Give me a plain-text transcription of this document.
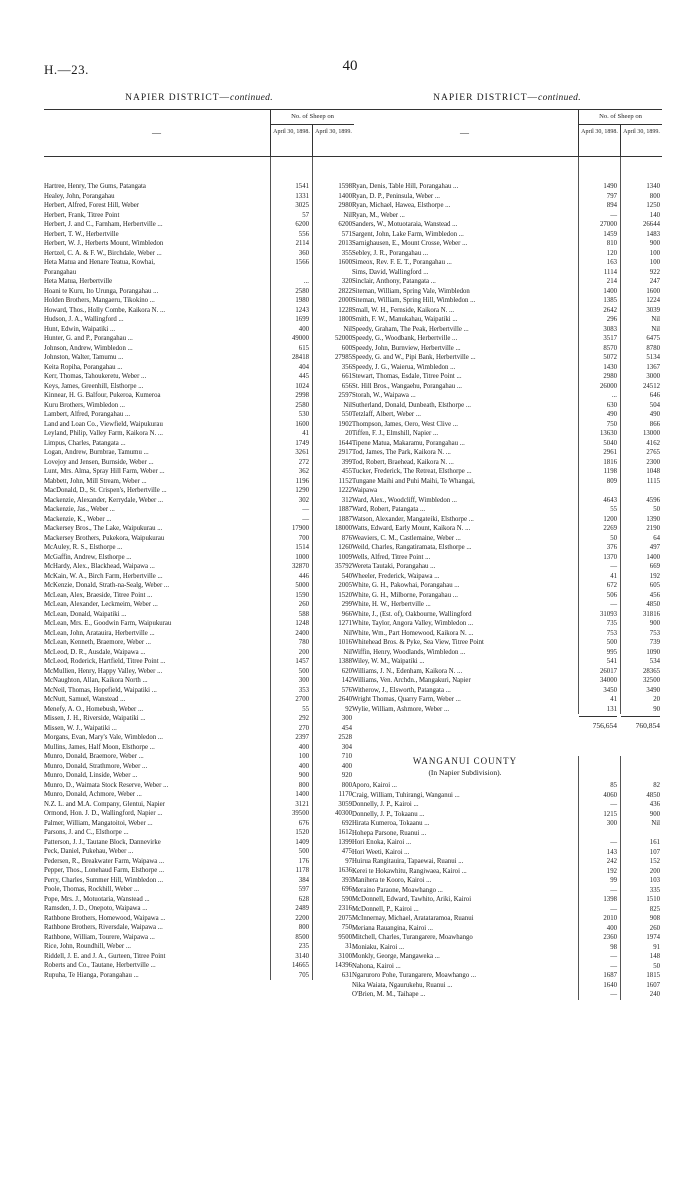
H.—23.	40
NAPIER DISTRICT—continued.
—
No. of Sheep on
April 30, 1898. April 30, 1899.
Hartree, Henry, The Gums, Patangata	1541	1598
Healey, John, Porangahau	1331	1400
Herbert, Alfred, Forest Hill, Weber	3025	2980
Herbert, Frank, Titree Point	57	Nil
Herbert, J. and C., Farnham, Herbertville ...	6200	6200
Herbert, T. W., Herbertville	556	571
Herbert, W. J., Herberts Mount, Wimbledon	2114	2013
Hertzel, C. A. & F. W., Birchdale, Weber ...	360	355
Heta Matua and Henare Teatua, Kowhai,	1566	1600
Porangahau
Heta Matua, Herbertville	...	320
Hoani te Kuru, Ito Urunga, Porangahau ...	2580	2822
Holden Brothers, Mangaeru, Tikokino ...	1980	2000
Howard, Thos., Holly Combe, Kaikora N. ...	1243	1228
Hudson, J. A., Wallingford ...	1699	1800
Hunt, Edwin, Waipatiki ...	400	Nil
Hunter, G. and P., Porangahau ...	49000	52000
Johnson, Andrew, Wimbledon ...	615	600
Johnston, Walter, Tamumu ...	28418	27985
Keita Ropiha, Porangahau ...	404	356
Kerr, Thomas, Tahoukeretu, Weber ...	445	661
Keys, James, Greenhill, Elsthorpe ...	1024	656
Kinnear, H. G. Balfour, Pukeroa, Kumeroa	2998	2597
Kuru Brothers, Wimbledon ...	2580	Nil
Lambert, Alfred, Porangahau ...	530	550
Land and Loan Co., Viewfield, Waipukurau	1600	1902
Leyland, Philip, Valley Farm, Kaikora N. ...	41	20
Limpus, Charles, Patangata ...	1749	1644
Logan, Andrew, Burnbrae, Tamumu ...	3261	2917
Lovejoy and Jensen, Burnside, Weber ...	272	399
Lunt, Mrs. Alma, Spray Hill Farm, Weber ...	362	455
Mabbett, John, Mill Stream, Weber ...	1196	1152
MacDonald, D., St. Crispen's, Herbertville ...	1290	1222
Mackenzie, Alexander, Kerrydale, Weber ...	302	312
Mackenzie, Jas., Weber ...	—	1887
Mackenzie, K., Weber ...	—	1887
Mackersey Bros., The Lake, Waipukurau ...	17900	18000
Mackersey Brothers, Pukekora, Waipukurau	700	876
McAuley, R. S., Elsthorpe ...	1514	1260
McGaffin, Andrew, Elsthorpe ...	1000	1009
McHardy, Alex., Blackhead, Waipawa ...	32870	35792
McKain, W. A., Birch Farm, Herbertville ...	446	540
McKenzie, Donald, Strath-na-Sealg, Weber ...	5000	2005
McLean, Alex, Braeside, Titree Point ...	1590	1520
McLean, Alexander, Leckmeim, Weber ...	260	299
McLean, Donald, Waipatiki ...	588	966
McLean, Mrs. E., Goodwin Farm, Waipukurau	1248	1271
McLean, John, Aratauira, Herbertville ...	2400	Nil
McLean, Kenneth, Braemore, Weber ...	780	1016
McLeod, D. R., Ausdale, Waipawa ...	200	Nil
McLeod, Roderick, Hartfield, Titree Point ...	1457	1388
McMullien, Henry, Happy Valley, Weber ...	500	620
McNaughton, Allan, Kaikora North ...	300	142
McNeil, Thomas, Hopefield, Waipatiki ...	353	576
McNutt, Samuel, Wanstead ...	2700	2640
Menefy, A. O., Homebush, Weber ...	55	92
Missen, J. H., Riverside, Waipatiki ...	292	300
Missen, W. J., Waipatiki ...	270	454
Morgans, Evan, Mary's Vale, Wimbledon ...	2397	2528
Mullins, James, Half Moon, Elsthorpe ...	400	304
Munro, Donald, Braemore, Weber ...	100	710
Munro, Donald, Strathmore, Weber ...	400	400
Munro, Donald, Linside, Weber ...	900	920
Munro, D., Waimata Stock Reserve, Weber ...	800	800
Munro, Donald, Achmore, Weber ...	1400	1170
N.Z. L. and M.A. Company, Glentui, Napier	3121	3059
Ormond, Hon. J. D., Wallingford, Napier ...	39500	40300
Palmer, William, Mangatoitoi, Weber ...	676	692
Parsons, J. and C., Elsthorpe ...	1520	1612
Patterson, J. J., Tautane Block, Dannevirke	1409	1399
Peck, Daniel, Pukehau, Weber ...	500	475
Pedersen, R., Breakwater Farm, Waipawa ...	176	97
Pepper, Thos., Lonehaud Farm, Elsthorpe ...	1178	1636
Perry, Charles, Summer Hill, Wimbledon ...	384	393
Poole, Thomas, Rockhill, Weber ...	597	696
Pope, Mrs. J., Motuotaria, Wanstead ...	628	590
Ramsden, J. D., Onepoto, Waipawa ...	2489	2316
Rathbone Brothers, Homewood, Waipawa ...	2200	2075
Rathbone Brothers, Riversdale, Waipawa ...	800	750
Rathbone, William, Tourere, Waipawa ...	8500	9500
Rice, John, Roundhill, Weber ...	235	31
Riddell, J. E. and J. A., Gurteen, Titree Point	3140	3100
Roberts and Co., Tautane, Herbertville ...	14665	14396
Rupuha, Te Hianga, Porangahau ...	705	631
NAPIER DISTRICT—continued.
—
No. of Sheep on
April 30, 1898. April 30, 1899.
Ryan, Denis, Table Hill, Porangahau ...	1490	1340
Ryan, D. P., Peninsula, Weber ...	797	800
Ryan, Michael, Hawea, Elsthorpe ...	894	1250
Ryan, M., Weber ...	—	140
Sanders, W., Motuotaraia, Wanstead ...	27000	26644
Sargent, John, Lake Farm, Wimbledon ...	1459	1483
Sarnighausen, E., Mount Crosse, Weber ...	810	900
Sebley, J. R., Porangahau ...	120	100
Simeox, Rev. F. E. T., Porangahau ...	163	100
Sims, David, Wallingford ...	1114	922
Sinclair, Anthony, Patangata ...	214	247
Siteman, William, Spring Vale, Wimbledon	1400	1600
Siteman, William, Spring Hill, Wimbledon ...	1385	1224
Small, W. H., Fernside, Kaikora N. ...	2642	3039
Smith, F. W., Manukahau, Waipatiki ...	296	Nil
Speedy, Graham, The Peak, Herbertville ...	3083	Nil
Speedy, G., Woodbank, Herbertville ...	3517	6475
Speedy, John, Burnview, Herbertville ...	8570	8780
Speedy, G. and W., Pipi Bank, Herbertville ...	5072	5134
Speedy, J. G., Waierua, Wimbledon ...	1430	1367
Stewart, Thomas, Esdale, Titree Point ...	2980	3000
St. Hill Bros., Wangaehu, Porangahau ...	26000	24512
Storah, W., Waipawa ...	...	646
Sutherland, Donald, Dunbeath, Elsthorpe ...	630	504
Tetzlaff, Albert, Weber ...	490	490
Thompson, James, Oero, West Clive ...	750	866
Tiffen, F. J., Elmshill, Napier ...	13630	13000
Tipene Matua, Makaramu, Porangahau ...	5040	4162
Tod, James, The Park, Kaikora N. ...	2961	2765
Tod, Robert, Braehead, Kaikora N. ...	1816	2300
Tucker, Frederick, The Retreat, Elsthorpe ...	1198	1048
Tungane Maihi and Puhi Maihi, Te Whangai,	809	1115
Waipawa
Ward, Alex., Woodcliff, Wimbledon ...	4643	4596
Ward, Robert, Patangata ...	55	50
Watson, Alexander, Mangateiki, Elsthorpe ...	1200	1390
Watts, Edward, Early Mount, Kaikora N. ...	2269	2190
Weaviers, C. M., Castlemaine, Weber ...	50	64
Weild, Charles, Rangatiramata, Elsthorpe ...	376	497
Wells, Alfred, Titree Point ...	1370	1400
Wereta Tautaki, Porangahau ...	—	669
Wheeler, Frederick, Waipawa ...	41	192
White, G. H., Pakowhai, Porangahau ...	672	605
White, G. H., Milborne, Porangahau ...	506	456
White, H. W., Herbertville ...	—	4850
White, J., (Est. of), Oakbourne, Wallingford	31093	31816
White, Taylor, Angora Valley, Wimbledon ...	735	900
White, Wm., Part Homewood, Kaikora N. ...	753	753
Whitehead Bros. & Pyke, Sea View, Titree Point	500	739
Wiffin, Henry, Woodlands, Wimbledon ...	995	1090
Wiley, W. M., Waipatiki ...	541	534
Williams, J. N., Edenham, Kaikora N. ...	26017	28365
Williams, Ven. Archdn., Mangakuri, Napier	34000	32500
Witherow, J., Elsworth, Patangata ...	3450	3490
Wright Thomas, Quarry Farm, Weber ...	41	20
Wylie, William, Ashmore, Weber ...	131	90
756,654	760,854
WANGANUI COUNTY
(In Napier Subdivision).
Aporo, Kairoi ...	85	82
Craig, William, Tuhirangi, Wanganui ...	4060	4850
Donnelly, J. P., Kairoi ...	—	436
Donnelly, J. P., Tokaanu ...	1215	900
Hirata Kumeroa, Tokaanu ...	300	Nil
Hohepa Parsone, Ruanui ...
Hori Enoka, Kairoi ...	—	161
Hori Weeti, Kairoi ...	143	107
Huirua Rangitauira, Tapaewai, Ruanui ...	242	152
Kerei te Hokawhitu, Rangiwaea, Kairoi ...	192	200
Manihera te Kooro, Kairoi ...	99	103
Meraino Paraone, Moawhango ...	—	335
McDonnell, Edward, Tawhito, Ariki, Kairoi	1398	1510
McDonnell, P., Kairoi ...	—	825
McInnernay, Michael, Aratataramoa, Ruanui	2010	908
Meriana Rauangina, Kairoi ...	400	260
Mitchell, Charles, Turangarere, Moawhango	2360	1974
Moniaku, Kairoi ...	98	91
Monkly, George, Mangaweka ...	—	148
Nahona, Kairoi ...	—	50
Ngaruroro Pohe, Turangarere, Moawhango ...	1687	1815
Nika Waiata, Ngaurukehu, Ruanui ...	1640	1607
O'Brien, M. M., Taihape ...	—	240
